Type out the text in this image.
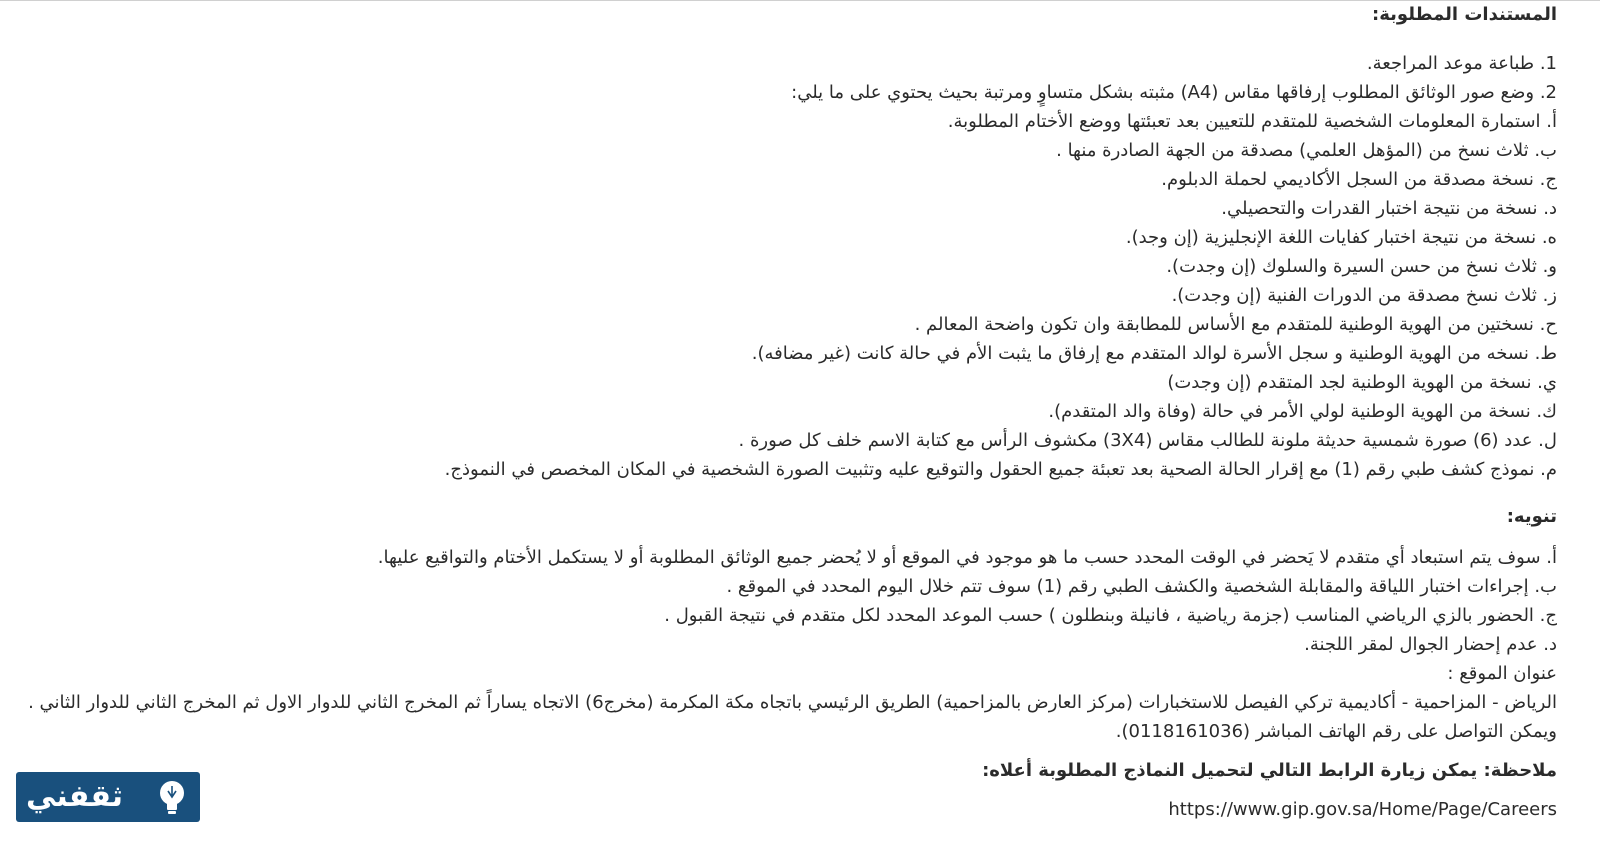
المستندات المطلوبة:
1. طباعة موعد المراجعة.
2. وضع صور الوثائق المطلوب إرفاقها مقاس (A4) مثبته بشكل متساوٍ ومرتبة بحيث يحتوي على ما يلي:
أ. استمارة المعلومات الشخصية للمتقدم للتعيين بعد تعبئتها ووضع الأختام المطلوبة.
ب. ثلاث نسخ من (المؤهل العلمي) مصدقة من الجهة الصادرة منها .
ج. نسخة مصدقة من السجل الأكاديمي لحملة الدبلوم.
د. نسخة من نتيجة اختبار القدرات والتحصيلي.
ه. نسخة من نتيجة اختبار كفايات اللغة الإنجليزية (إن وجد).
و. ثلاث نسخ من حسن السيرة والسلوك (إن وجدت).
ز. ثلاث نسخ مصدقة من الدورات الفنية (إن وجدت).
ح. نسختين من الهوية الوطنية للمتقدم مع الأساس للمطابقة وان تكون واضحة المعالم .
ط. نسخه من الهوية الوطنية و سجل الأسرة لوالد المتقدم مع إرفاق ما يثبت الأم في حالة كانت (غير مضافه).
ي. نسخة من الهوية الوطنية لجد المتقدم (إن وجدت)
ك. نسخة من الهوية الوطنية لولي الأمر في حالة (وفاة والد المتقدم).
ل. عدد (6) صورة شمسية حديثة ملونة للطالب مقاس (3X4) مكشوف الرأس مع كتابة الاسم خلف كل صورة .
م. نموذج كشف طبي رقم (1) مع إقرار الحالة الصحية بعد تعبئة جميع الحقول والتوقيع عليه وتثبيت الصورة الشخصية في المكان المخصص في النموذج.
تنويه:
أ. سوف يتم استبعاد أي متقدم لا يَحضر في الوقت المحدد حسب ما هو موجود في الموقع أو لا يُحضر جميع الوثائق المطلوبة أو لا يستكمل الأختام والتواقيع عليها.
ب. إجراءات اختبار اللياقة والمقابلة الشخصية والكشف الطبي رقم (1) سوف تتم خلال اليوم المحدد في الموقع .
ج. الحضور بالزي الرياضي المناسب (جزمة رياضية ، فانيلة وبنطلون ) حسب الموعد المحدد لكل متقدم في نتيجة القبول .
د. عدم إحضار الجوال لمقر اللجنة.
عنوان الموقع :
الرياض - المزاحمية - أكاديمية تركي الفيصل للاستخبارات (مركز العارض بالمزاحمية) الطريق الرئيسي باتجاه مكة المكرمة (مخرج6) الاتجاه يساراً ثم المخرج الثاني للدوار الاول ثم المخرج الثاني للدوار الثاني . ويمكن التواصل على رقم الهاتف المباشر (0118161036).
ملاحظة: يمكن زيارة الرابط التالي لتحميل النماذج المطلوبة أعلاه:
https://www.gip.gov.sa/Home/Page/Careers
ثقفني
